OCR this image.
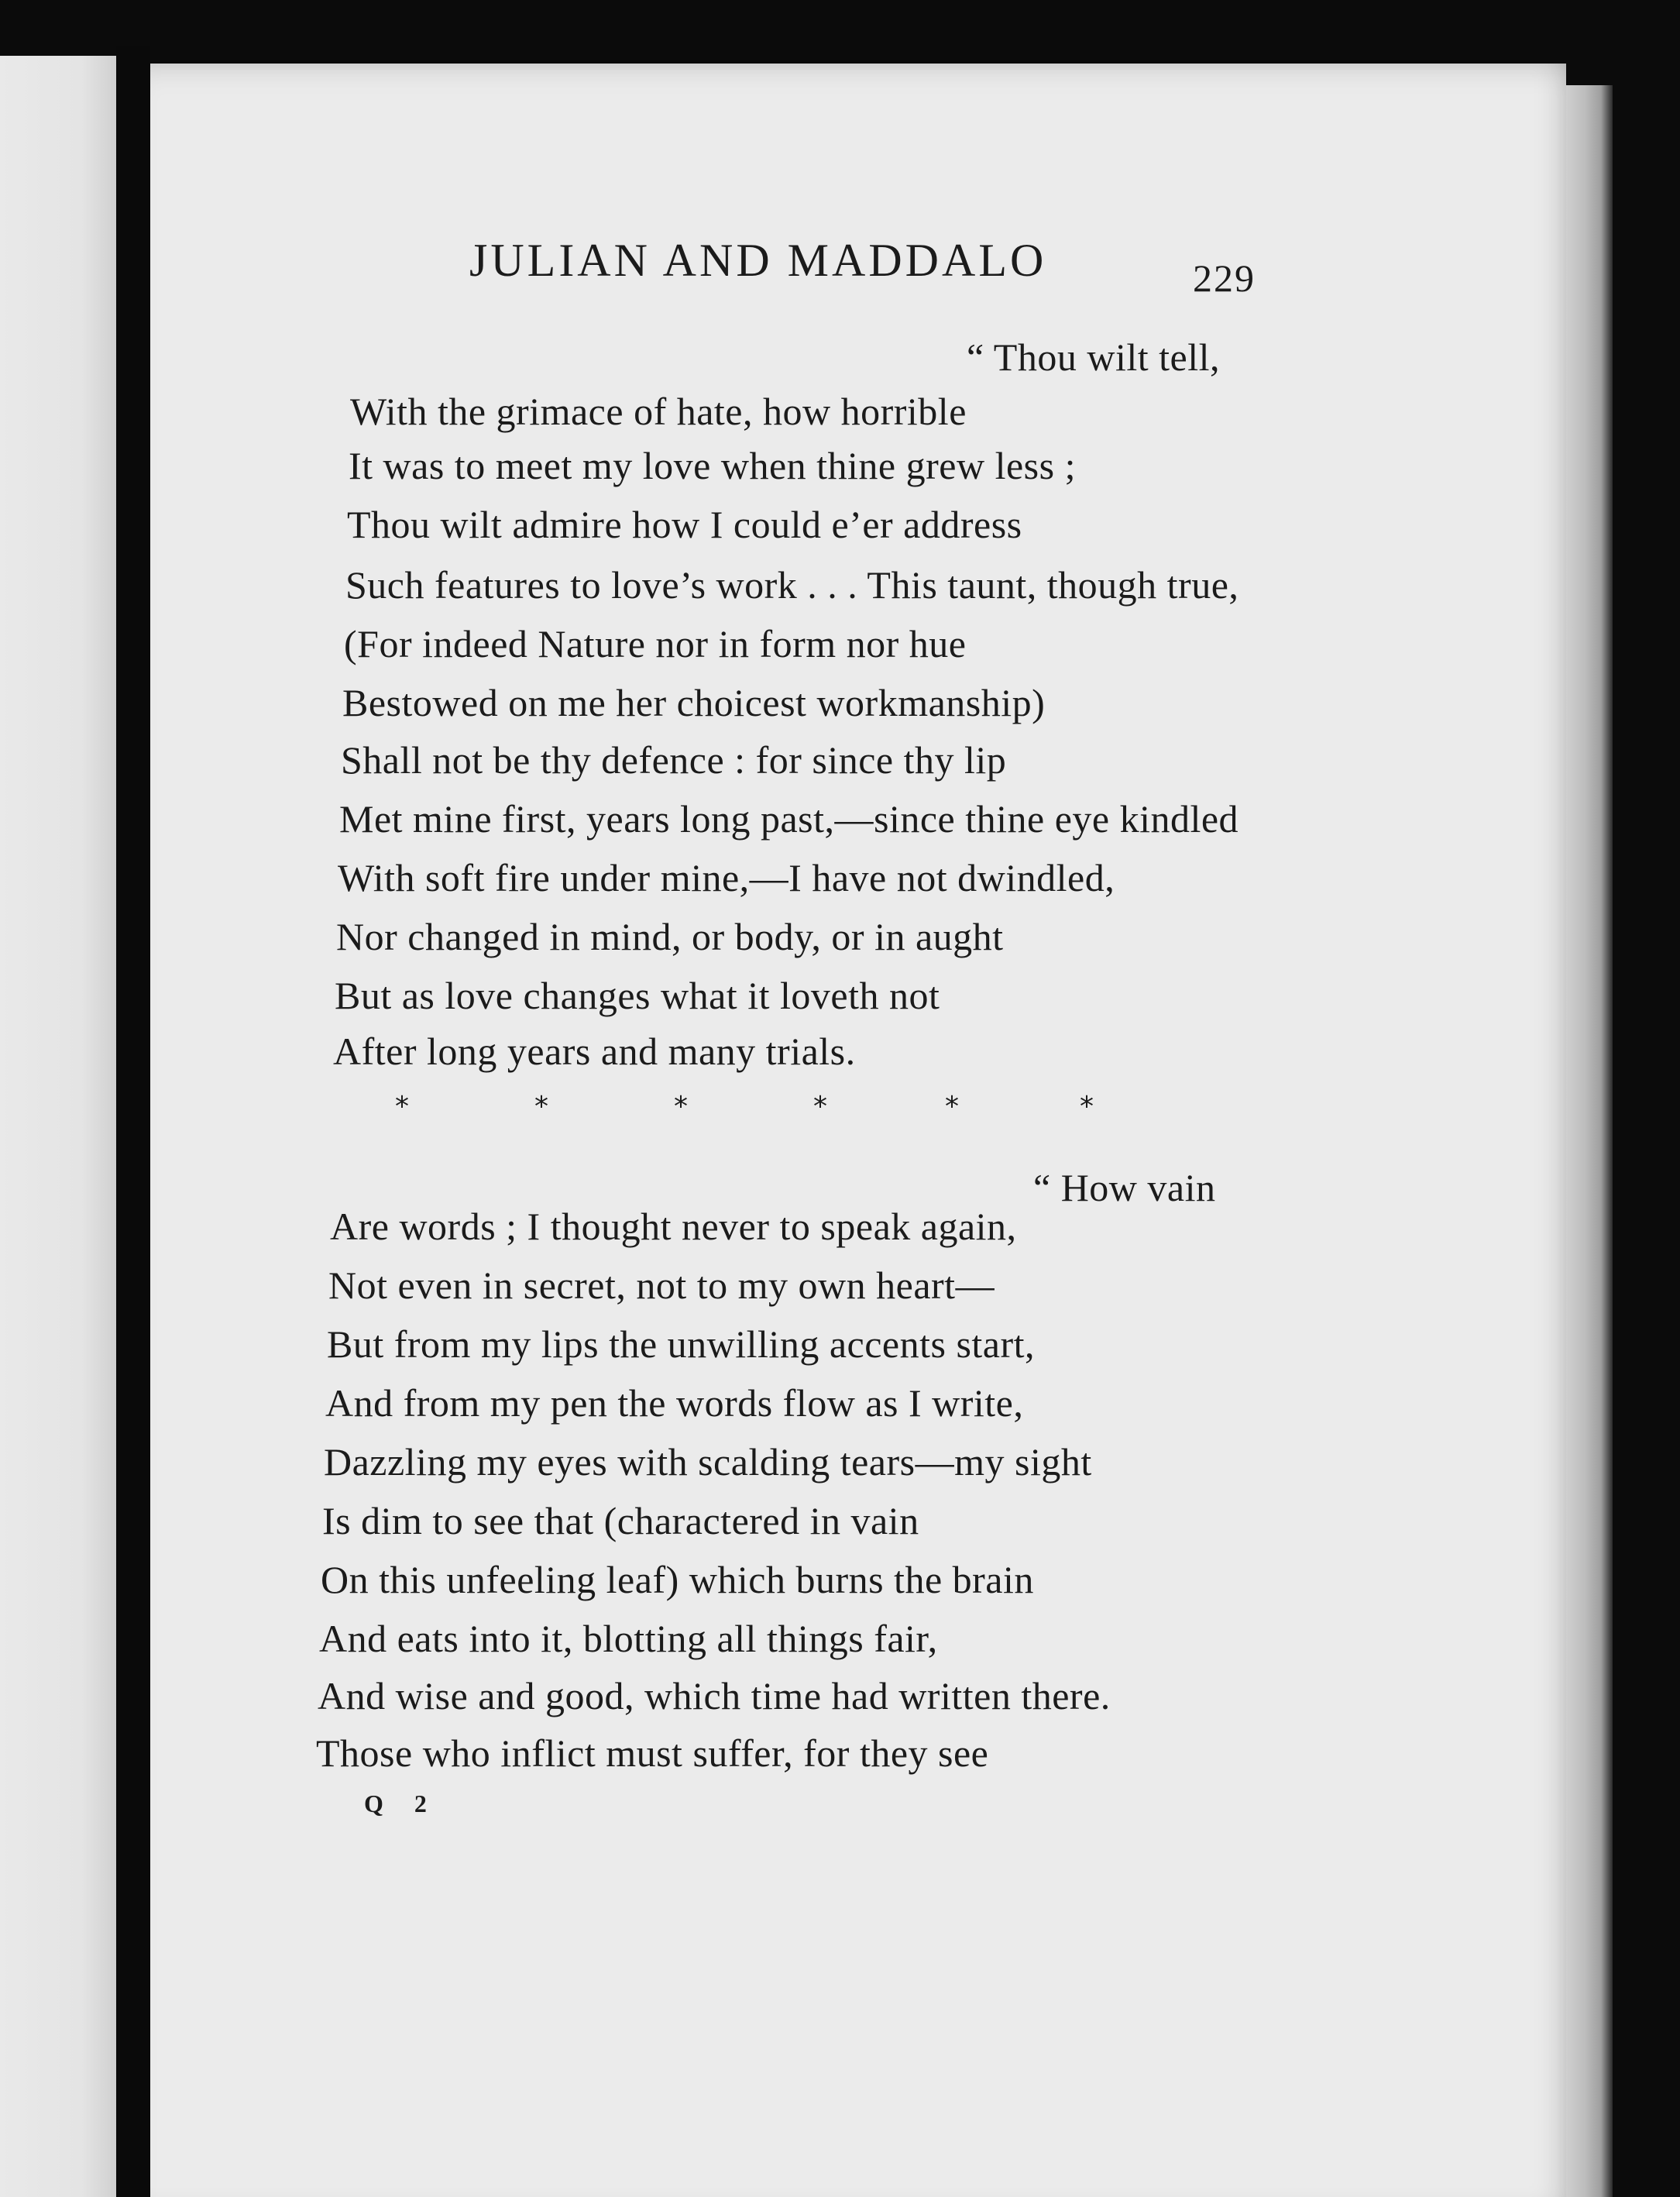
JULIAN AND MADDALO	229
“ Thou wilt tell,
With the grimace of hate, how horrible
It was to meet my love when thine grew less ;
Thou wilt admire how I could e’er address
Such features to love’s work . . . This taunt, though true,
(For indeed Nature nor in form nor hue
Bestowed on me her choicest workmanship)
Shall not be thy defence : for since thy lip
Met mine first, years long past,—since thine eye kindled
With soft fire under mine,—I have not dwindled,
Nor changed in mind, or body, or in aught
But as love changes what it loveth not
After long years and many trials.
*	*	*	*	*	*
“ How vain
Are words ; I thought never to speak again,
Not even in secret, not to my own heart—
But from my lips the unwilling accents start,
And from my pen the words flow as I write,
Dazzling my eyes with scalding tears—my sight
Is dim to see that (charactered in vain
On this unfeeling leaf) which burns the brain
And eats into it, blotting all things fair,
And wise and good, which time had written there.
Those who inflict must suffer, for they see
Q 2
